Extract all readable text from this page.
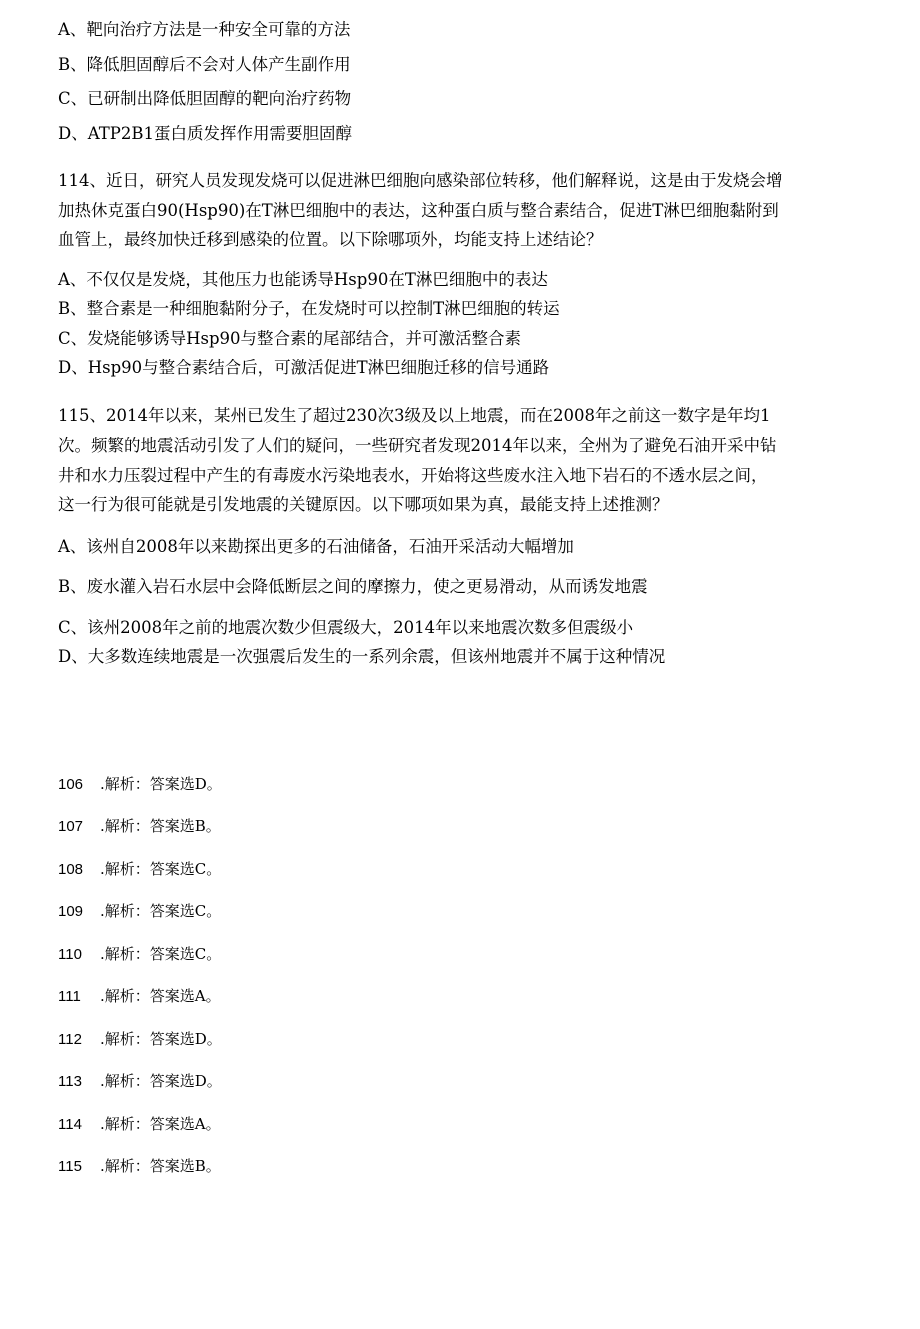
A、靶向治疗方法是一种安全可靠的方法
B、降低胆固醇后不会对人体产生副作用
C、已研制出降低胆固醇的靶向治疗药物
D、ATP2B1蛋白质发挥作用需要胆固醇
114、近日，研究人员发现发烧可以促进淋巴细胞向感染部位转移，他们解释说，这是由于发烧会增
加热休克蛋白90(Hsp90)在T淋巴细胞中的表达，这种蛋白质与整合素结合，促进T淋巴细胞黏附到
血管上，最终加快迁移到感染的位置。以下除哪项外，均能支持上述结论？
A、不仅仅是发烧，其他压力也能诱导Hsp90在T淋巴细胞中的表达
B、整合素是一种细胞黏附分子，在发烧时可以控制T淋巴细胞的转运
C、发烧能够诱导Hsp90与整合素的尾部结合，并可激活整合素
D、Hsp90与整合素结合后，可激活促进T淋巴细胞迁移的信号通路
115、2014年以来，某州已发生了超过230次3级及以上地震，而在2008年之前这一数字是年均1
次。频繁的地震活动引发了人们的疑问，一些研究者发现2014年以来，全州为了避免石油开采中钻
井和水力压裂过程中产生的有毒废水污染地表水，开始将这些废水注入地下岩石的不透水层之间，
这一行为很可能就是引发地震的关键原因。以下哪项如果为真，最能支持上述推测？
A、该州自2008年以来勘探出更多的石油储备，石油开采活动大幅增加
B、废水灌入岩石水层中会降低断层之间的摩擦力，使之更易滑动，从而诱发地震
C、该州2008年之前的地震次数少但震级大，2014年以来地震次数多但震级小
D、大多数连续地震是一次强震后发生的一系列余震，但该州地震并不属于这种情况
106 .解析：答案选D。
107 .解析：答案选B。
108 .解析：答案选C。
109 .解析：答案选C。
110 .解析：答案选C。
111 .解析：答案选A。
112 .解析：答案选D。
113 .解析：答案选D。
114 .解析：答案选A。
115 .解析：答案选B。
